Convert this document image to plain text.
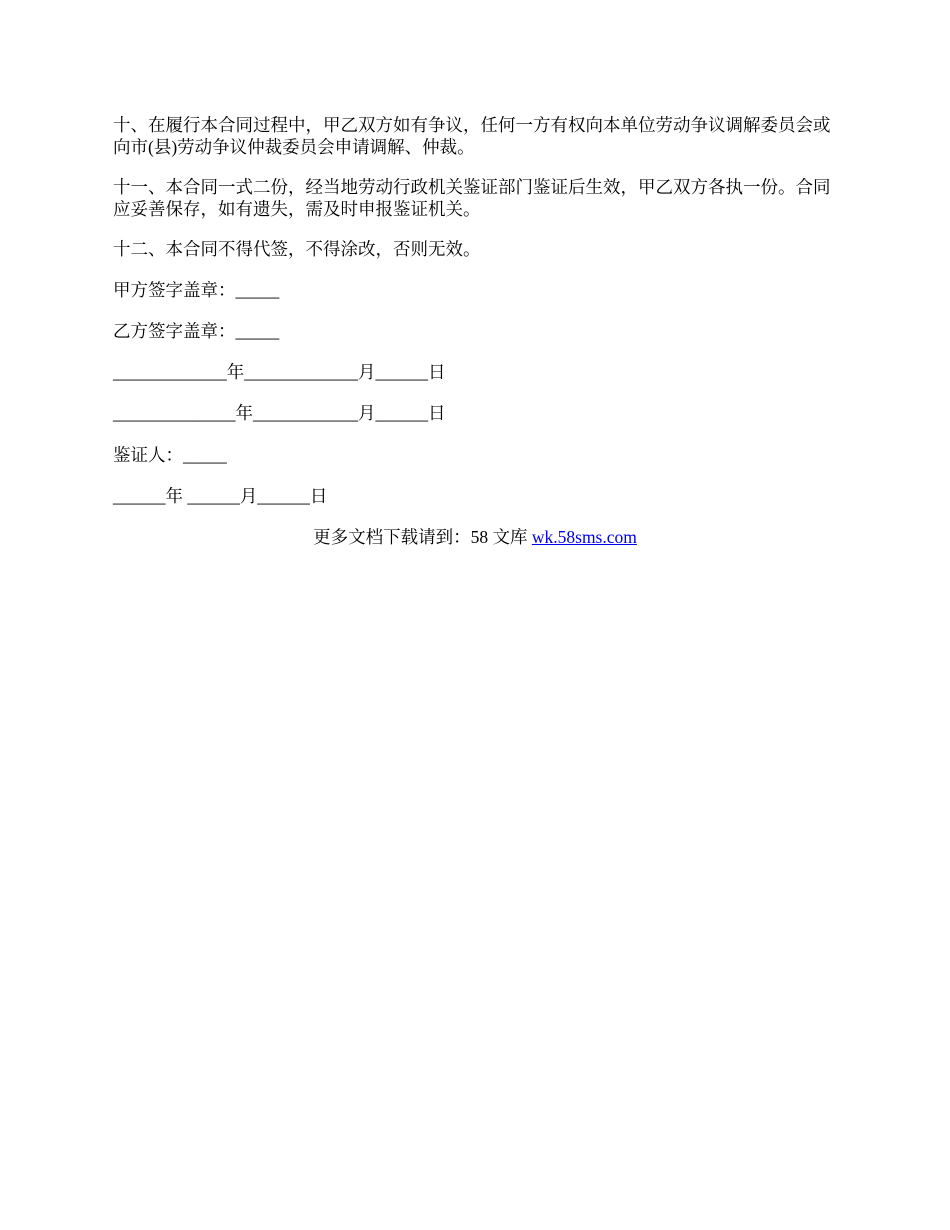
十、在履行本合同过程中，甲乙双方如有争议，任何一方有权向本单位劳动争议调解委员会或向市(县)劳动争议仲裁委员会申请调解、仲裁。
十一、本合同一式二份，经当地劳动行政机关鉴证部门鉴证后生效，甲乙双方各执一份。合同应妥善保存，如有遗失，需及时申报鉴证机关。
十二、本合同不得代签，不得涂改，否则无效。
甲方签字盖章：_____
乙方签字盖章：_____
_____________年_____________月______日
______________年____________月______日
鉴证人：_____
______年 ______月______日
更多文档下载请到：58 文库 wk.58sms.com
